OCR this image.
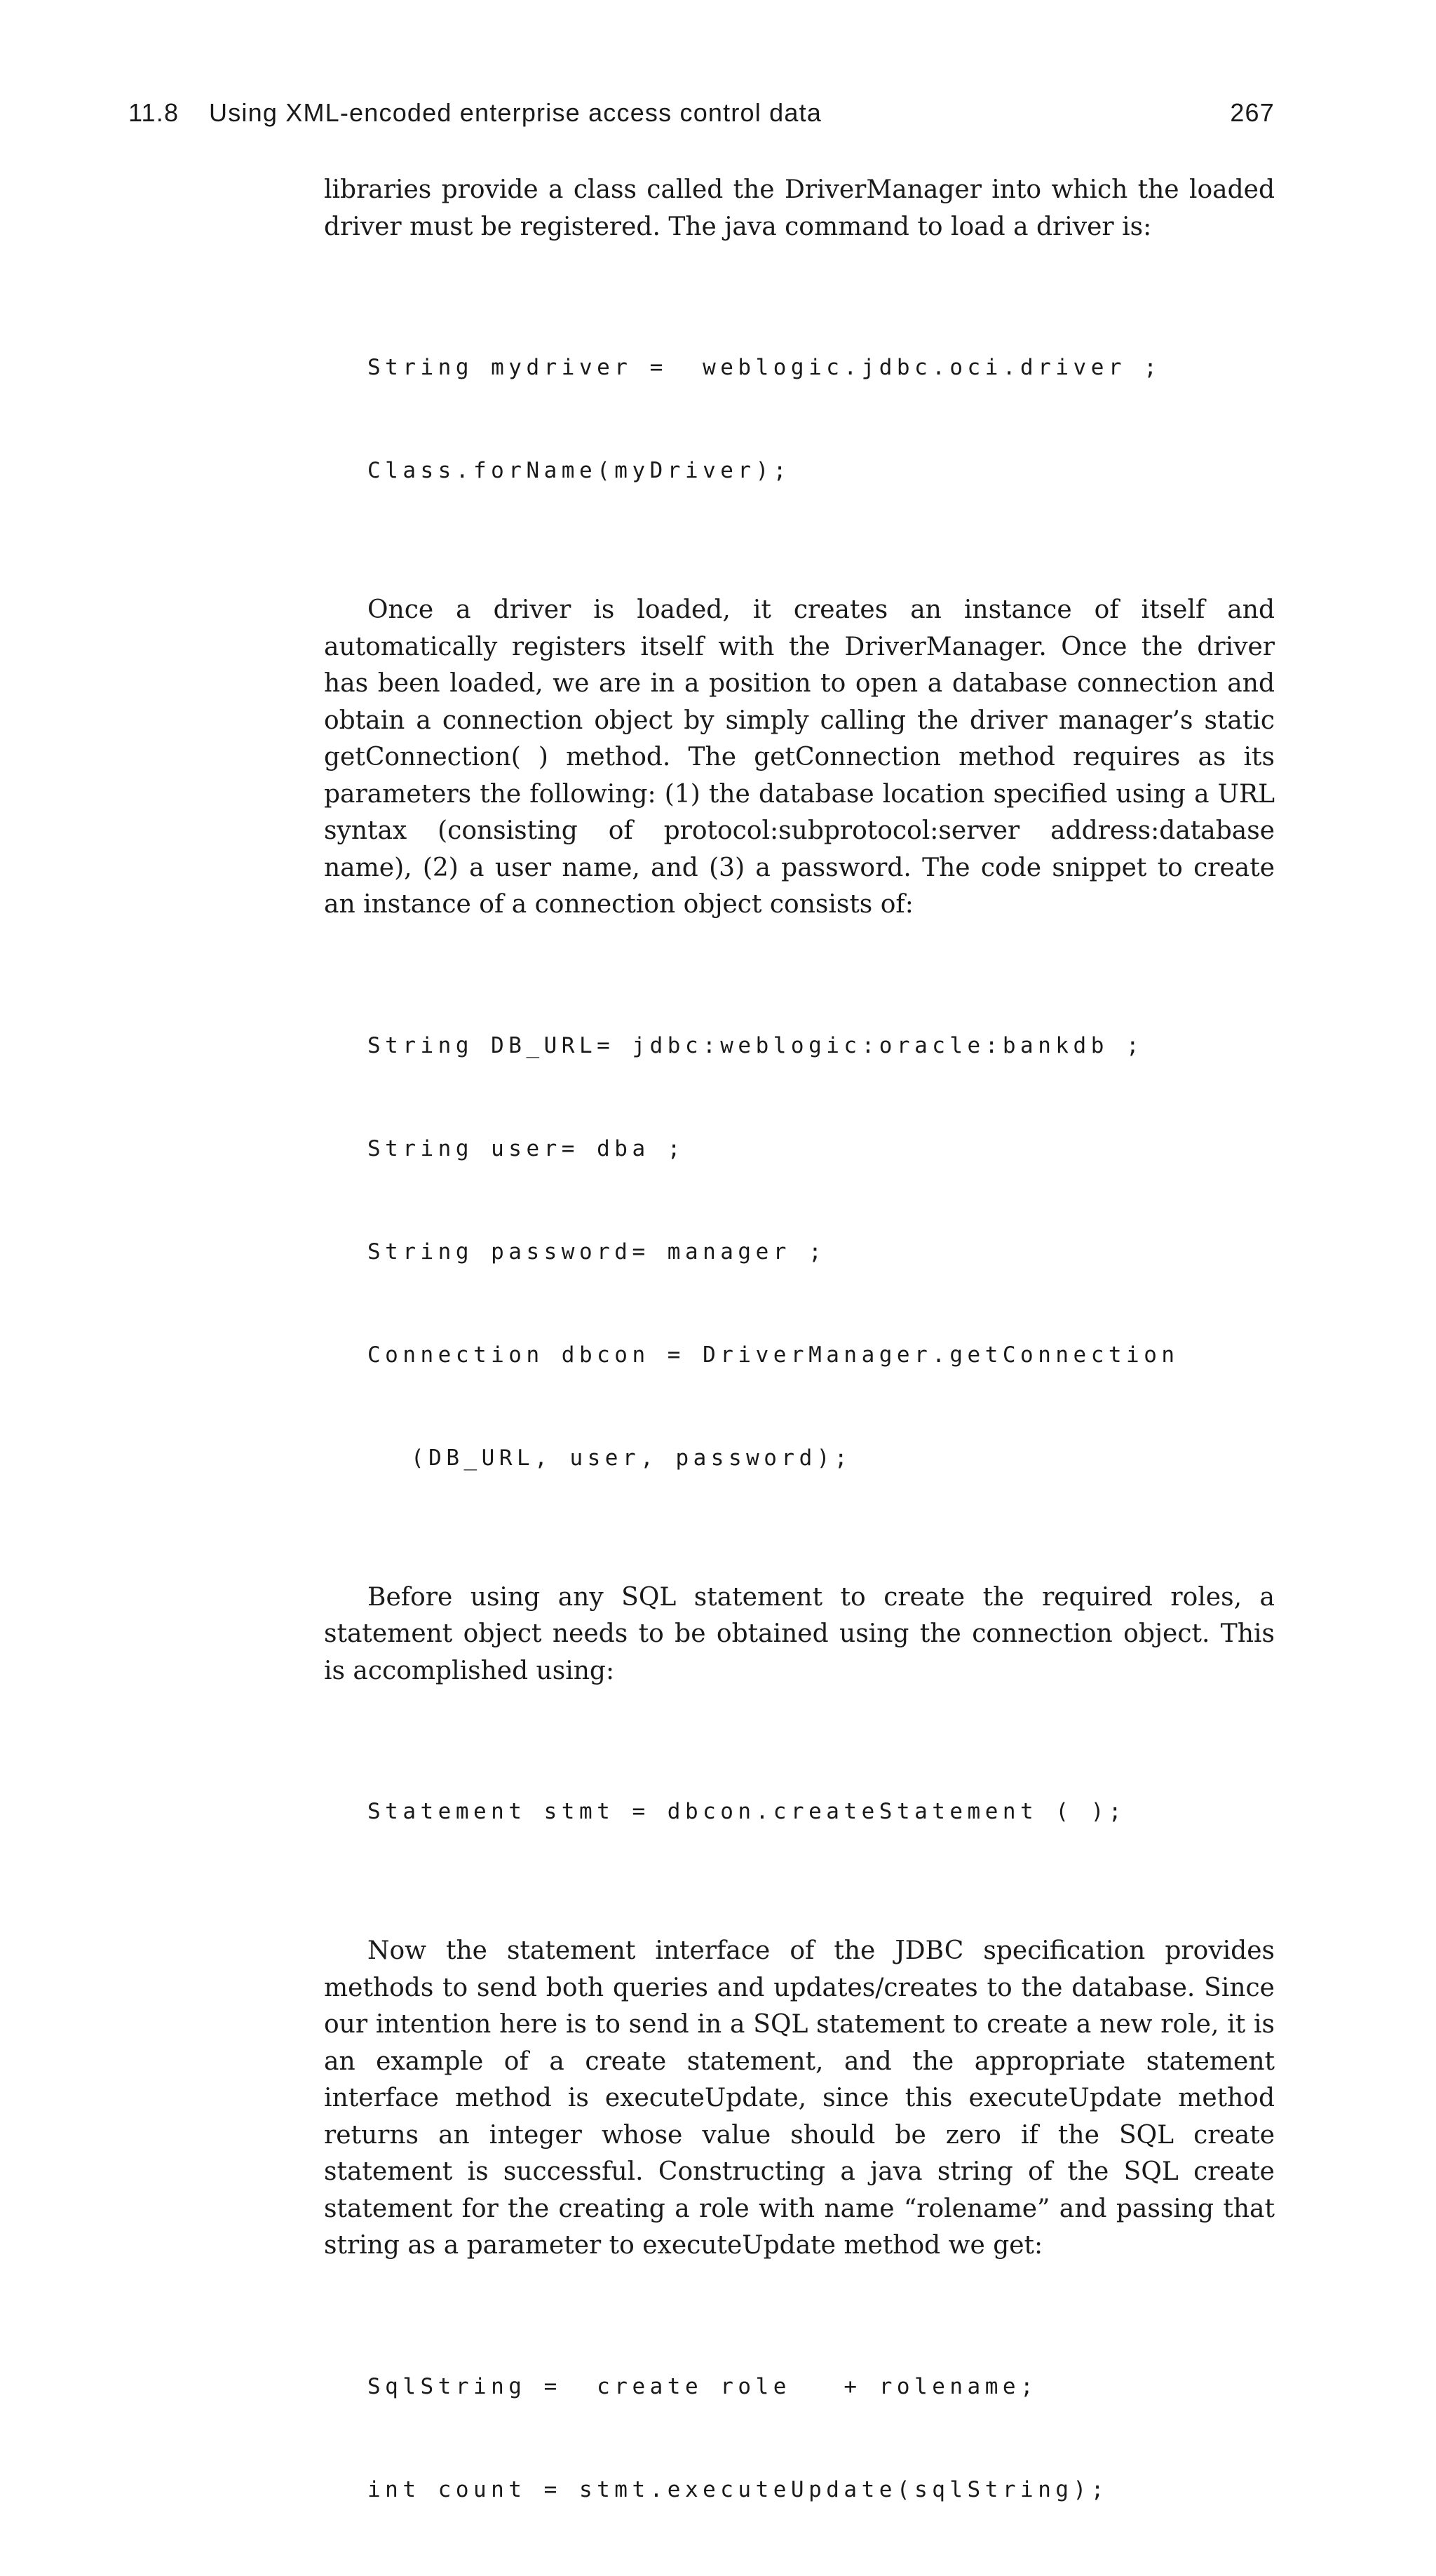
11.8 Using XML-encoded enterprise access control data	267

libraries provide a class called the DriverManager into which the loaded driver must be registered. The java command to load a driver is:

String mydriver =  weblogic.jdbc.oci.driver ;

Class.forName(myDriver);

Once a driver is loaded, it creates an instance of itself and automatically registers itself with the DriverManager. Once the driver has been loaded, we are in a position to open a database connection and obtain a connection object by simply calling the driver manager’s static getConnection( ) method. The getConnection method requires as its parameters the following: (1) the database location specified using a URL syntax (consisting of protocol:subprotocol:server address:database name), (2) a user name, and (3) a password. The code snippet to create an instance of a connection object consists of:

String DB_URL= jdbc:weblogic:oracle:bankdb ;

String user= dba ;

String password= manager ;

Connection dbcon = DriverManager.getConnection

(DB_URL, user, password);

Before using any SQL statement to create the required roles, a statement object needs to be obtained using the connection object. This is accomplished using:

Statement stmt = dbcon.createStatement ( );

Now the statement interface of the JDBC specification provides methods to send both queries and updates/creates to the database. Since our intention here is to send in a SQL statement to create a new role, it is an example of a create statement, and the appropriate statement interface method is executeUpdate, since this executeUpdate method returns an integer whose value should be zero if the SQL create statement is successful. Constructing a java string of the SQL create statement for the creating a role with name “rolename” and passing that string as a parameter to executeUpdate method we get:

SqlString =  create role   + rolename;

int count = stmt.executeUpdate(sqlString);
